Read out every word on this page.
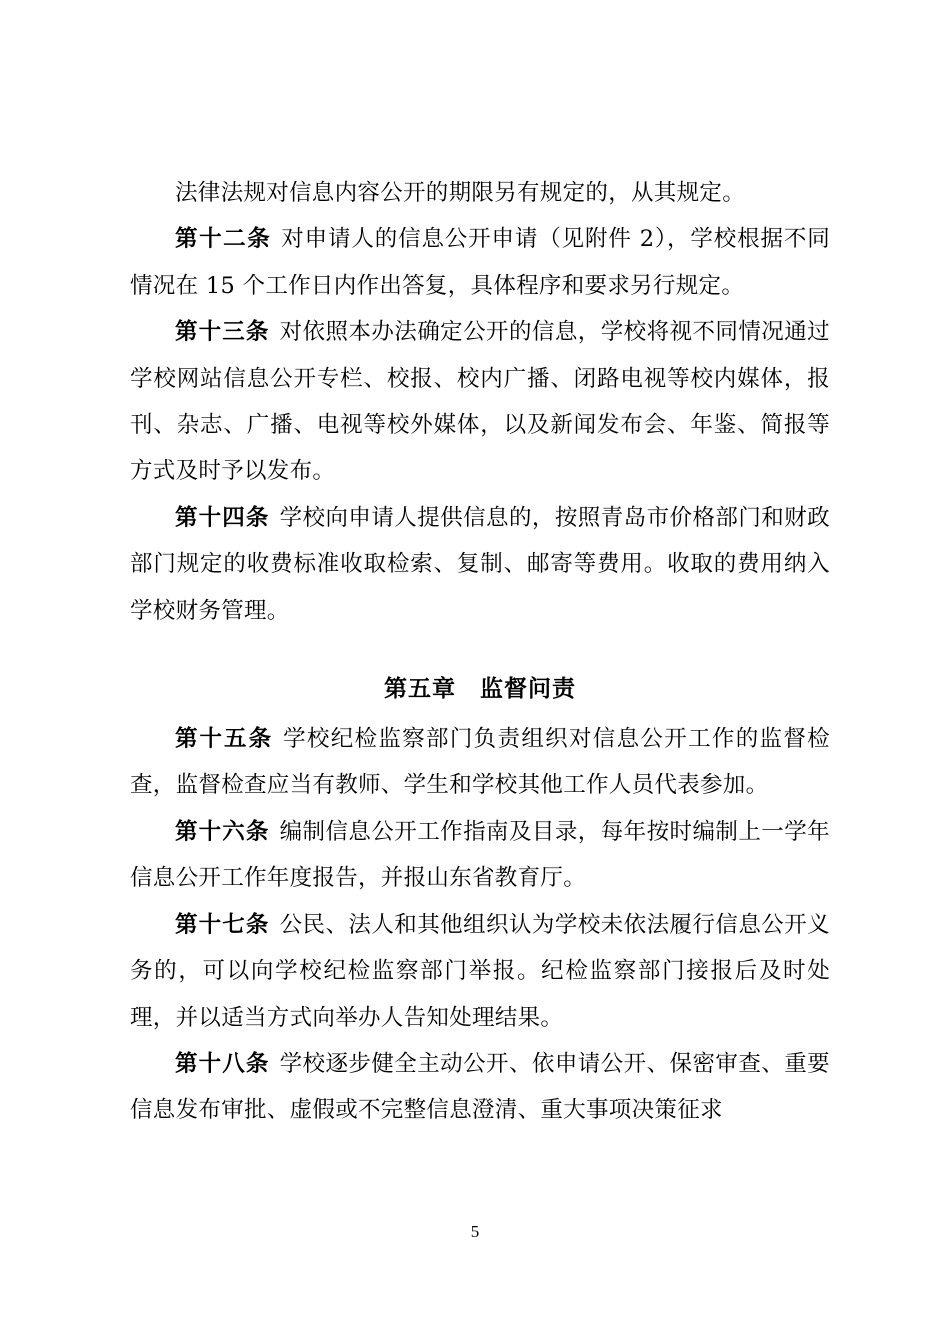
法律法规对信息内容公开的期限另有规定的，从其规定。

第十二条 对申请人的信息公开申请（见附件 2），学校根据不同情况在 15 个工作日内作出答复，具体程序和要求另行规定。

第十三条 对依照本办法确定公开的信息，学校将视不同情况通过学校网站信息公开专栏、校报、校内广播、闭路电视等校内媒体，报刊、杂志、广播、电视等校外媒体，以及新闻发布会、年鉴、简报等方式及时予以发布。

第十四条 学校向申请人提供信息的，按照青岛市价格部门和财政部门规定的收费标准收取检索、复制、邮寄等费用。收取的费用纳入学校财务管理。

第五章 监督问责

第十五条 学校纪检监察部门负责组织对信息公开工作的监督检查，监督检查应当有教师、学生和学校其他工作人员代表参加。

第十六条 编制信息公开工作指南及目录，每年按时编制上一学年信息公开工作年度报告，并报山东省教育厅。

第十七条 公民、法人和其他组织认为学校未依法履行信息公开义务的，可以向学校纪检监察部门举报。纪检监察部门接报后及时处理，并以适当方式向举办人告知处理结果。

第十八条 学校逐步健全主动公开、依申请公开、保密审查、重要信息发布审批、虚假或不完整信息澄清、重大事项决策征求

5
